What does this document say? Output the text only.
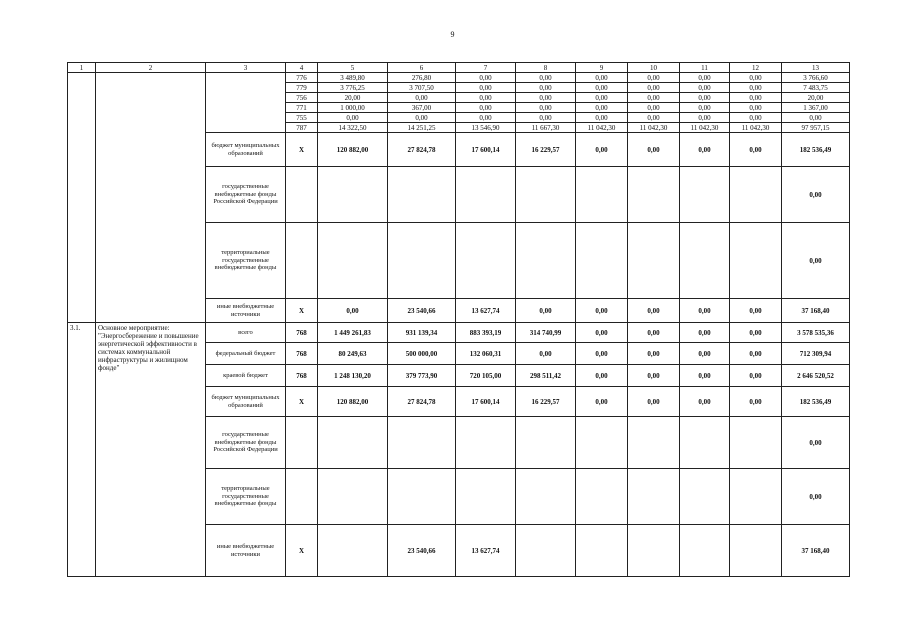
9
1	2	3	4	5	6	7	8	9	10	11	12	13
			776	3 489,80	276,80	0,00	0,00	0,00	0,00	0,00	0,00	3 766,60
			779	3 776,25	3 707,50	0,00	0,00	0,00	0,00	0,00	0,00	7 483,75
			756	20,00	0,00	0,00	0,00	0,00	0,00	0,00	0,00	20,00
			771	1 000,00	367,00	0,00	0,00	0,00	0,00	0,00	0,00	1 367,00
			755	0,00	0,00	0,00	0,00	0,00	0,00	0,00	0,00	0,00
			787	14 322,50	14 251,25	13 546,90	11 667,30	11 042,30	11 042,30	11 042,30	11 042,30	97 957,15
		бюджет муниципальных образований	X	120 882,00	27 824,78	17 600,14	16 229,57	0,00	0,00	0,00	0,00	182 536,49
		государственные внебюджетные фонды Российской Федерации										0,00
		территориальные государственные внебюджетные фонды										0,00
		иные внебюджетные источники	X	0,00	23 540,66	13 627,74	0,00	0,00	0,00	0,00	0,00	37 168,40
3.1.	Основное мероприятие: "Энергосбережение и повышение энергетической эффективности в системах коммунальной инфраструктуры и жилищном фонде"	всего	768	1 449 261,83	931 139,34	883 393,19	314 740,99	0,00	0,00	0,00	0,00	3 578 535,36
		федеральный бюджет	768	80 249,63	500 000,00	132 060,31	0,00	0,00	0,00	0,00	0,00	712 309,94
		краевой бюджет	768	1 248 130,20	379 773,90	720 105,00	298 511,42	0,00	0,00	0,00	0,00	2 646 520,52
		бюджет муниципальных образований	X	120 882,00	27 824,78	17 600,14	16 229,57	0,00	0,00	0,00	0,00	182 536,49
		государственные внебюджетные фонды Российской Федерации										0,00
		территориальные государственные внебюджетные фонды										0,00
		иные внебюджетные источники	X		23 540,66	13 627,74						37 168,40
